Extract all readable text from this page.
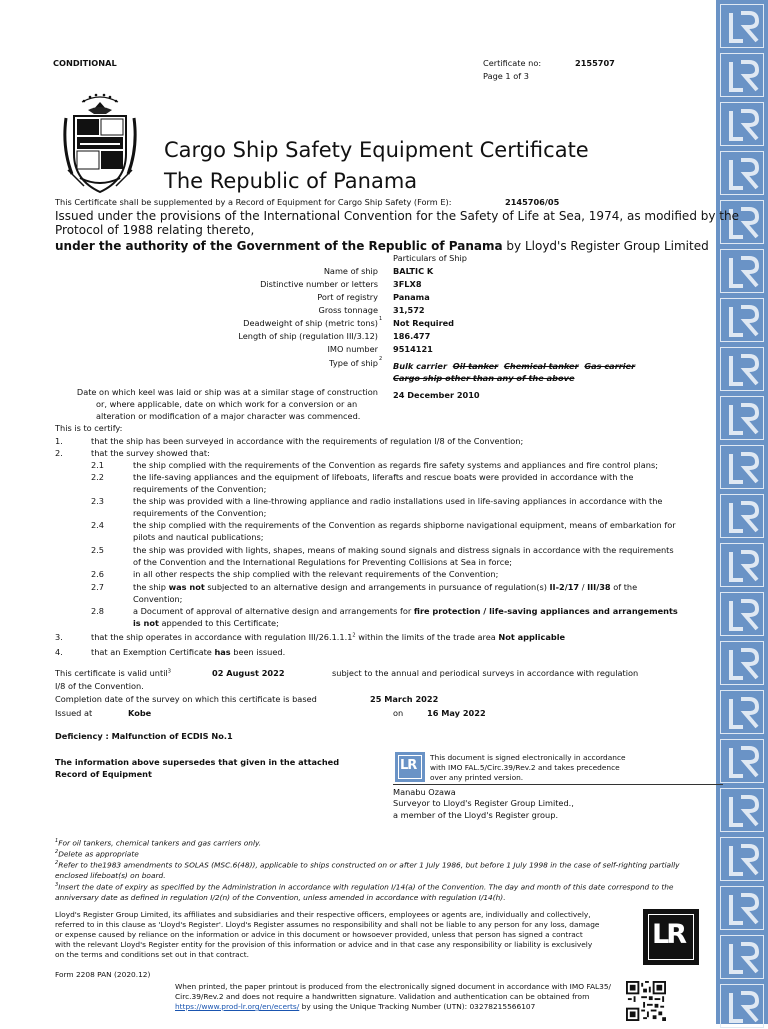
CONDITIONAL	Certificate no:	2155707
Page 1 of 3
Cargo Ship Safety Equipment Certificate
The Republic of Panama
This Certificate shall be supplemented by a Record of Equipment for Cargo Ship Safety (Form E):	2145706/05
Issued under the provisions of the International Convention for the Safety of Life at Sea, 1974, as modified by the
Protocol of 1988 relating thereto,
under the authority of the Government of the Republic of Panama by Lloyd's Register Group Limited
Particulars of Ship
Name of ship BALTIC K
Distinctive number or letters 3FLX8
Port of registry Panama
Gross tonnage 31,572
Deadweight of ship (metric tons) 1 Not Required
Length of ship (regulation III/3.12) 186.477
IMO number 9514121
Type of ship 2
Bulk carrier Oil tanker Chemical tanker Gas carrier
Cargo ship other than any of the above
Date on which keel was laid or ship was at a similar stage of construction
or, where applicable, date on which work for a conversion or an
alteration or modification of a major character was commenced.
24 December 2010
This is to certify:
1.	that the ship has been surveyed in accordance with the requirements of regulation I/8 of the Convention;
2.	that the survey showed that:
2.1	the ship complied with the requirements of the Convention as regards fire safety systems and appliances and fire control plans;
2.2	the life-saving appliances and the equipment of lifeboats, liferafts and rescue boats were provided in accordance with the
requirements of the Convention;
2.3	the ship was provided with a line-throwing appliance and radio installations used in life-saving appliances in accordance with the
requirements of the Convention;
2.4	the ship complied with the requirements of the Convention as regards shipborne navigational equipment, means of embarkation for
pilots and nautical publications;
2.5	the ship was provided with lights, shapes, means of making sound signals and distress signals in accordance with the requirements
of the Convention and the International Regulations for Preventing Collisions at Sea in force;
2.6	in all other respects the ship complied with the relevant requirements of the Convention;
2.7	the ship was not subjected to an alternative design and arrangements in pursuance of regulation(s) II-2/17 / III/38 of the
Convention;
2.8	a Document of approval of alternative design and arrangements for fire protection / life-saving appliances and arrangements
is not appended to this Certificate;
3.	that the ship operates in accordance with regulation III/26.1.1.1$^2$ within the limits of the trade area Not applicable
4.	that an Exemption Certificate has been issued.
This certificate is valid until$^3$	02 August 2022	subject to the annual and periodical surveys in accordance with regulation
I/8 of the Convention.
Completion date of the survey on which this certificate is based	25 March 2022
Issued at	Kobe	on	16 May 2022
Deficiency : Malfunction of ECDIS No.1
The information above supersedes that given in the attached
Record of Equipment
LR
This document is signed electronically in accordance
with IMO FAL.5/Circ.39/Rev.2 and takes precedence
over any printed version.
Manabu Ozawa
Surveyor to Lloyd's Register Group Limited.,
a member of the Lloyd's Register group.
$^1$For oil tankers, chemical tankers and gas carriers only.
$^2$Delete as appropriate
$^2$Refer to the1983 amendments to SOLAS (MSC.6(48)), applicable to ships constructed on or after 1 July 1986, but before 1 July 1998 in the case of self-righting partially
enclosed lifeboat(s) on board.
$^3$Insert the date of expiry as specified by the Administration in accordance with regulation I/14(a) of the Convention. The day and month of this date correspond to the
anniversary date as defined in regulation I/2(n) of the Convention, unless amended in accordance with regulation I/14(h).
Lloyd's Register Group Limited, its affiliates and subsidiaries and their respective officers, employees or agents are, individually and collectively,
referred to in this clause as 'Lloyd's Register'. Lloyd's Register assumes no responsibility and shall not be liable to any person for any loss, damage
or expense caused by reliance on the information or advice in this document or howsoever provided, unless that person has signed a contract
with the relevant Lloyd's Register entity for the provision of this information or advice and in that case any responsibility or liability is exclusively
on the terms and conditions set out in that contract.
LR
Form 2208 PAN (2020.12)
When printed, the paper printout is produced from the electronically signed document in accordance with IMO FAL35/
Circ.39/Rev.2 and does not require a handwritten signature. Validation and authentication can be obtained from
https://www.prod-lr.org/en/ecerts/ by using the Unique Tracking Number (UTN): 03278215566107
